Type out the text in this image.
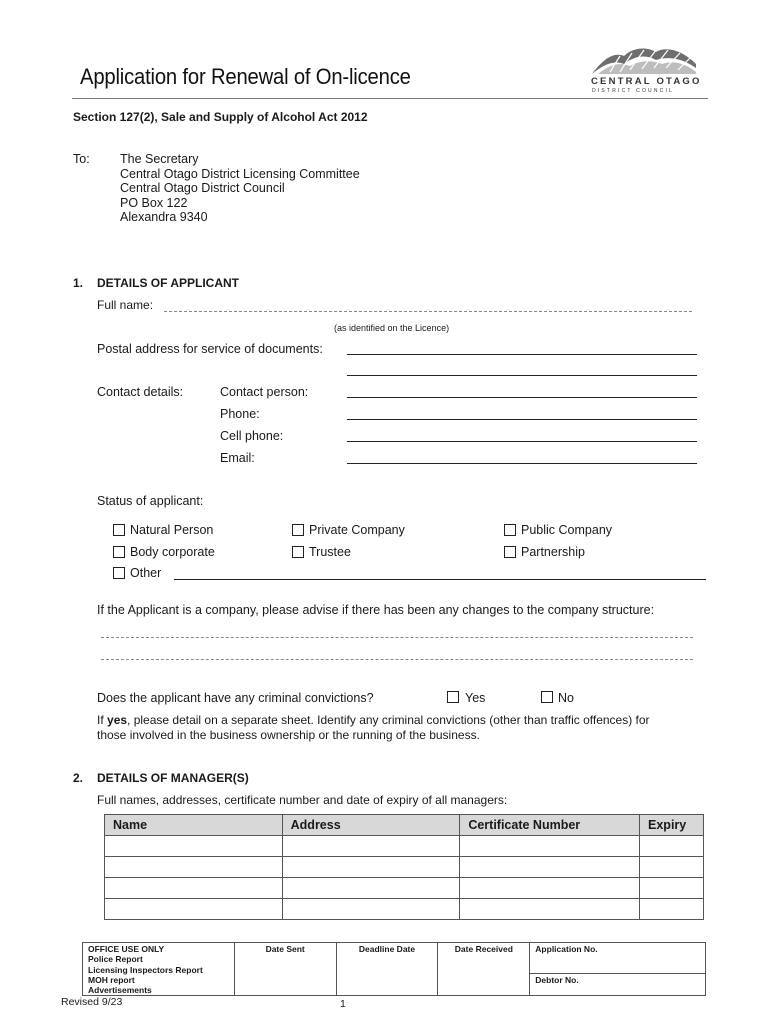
Application for Renewal of On-licence	CENTRAL OTAGO
DISTRICT COUNCIL
Section 127(2), Sale and Supply of Alcohol Act 2012
To: The Secretary
Central Otago District Licensing Committee
Central Otago District Council
PO Box 122
Alexandra 9340
1. DETAILS OF APPLICANT
Full name:
(as identified on the Licence)
Postal address for service of documents:
Contact details:	Contact person:
Phone:
Cell phone:
Email:
Status of applicant:
Natural Person	Private Company	Public Company
Body corporate	Trustee	Partnership
Other
If the Applicant is a company, please advise if there has been any changes to the company structure:
Does the applicant have any criminal convictions?	Yes	No
If yes, please detail on a separate sheet. Identify any criminal convictions (other than traffic offences) for
those involved in the business ownership or the running of the business.
2. DETAILS OF MANAGER(S)
Full names, addresses, certificate number and date of expiry of all managers:
Name	Address	Certificate Number	Expiry

OFFICE USE ONLY
Police Report
Licensing Inspectors Report
MOH report
Advertisements
	Date Sent	Deadline Date	Date Received	Application No.
Debtor No.
Revised 9/23	1
